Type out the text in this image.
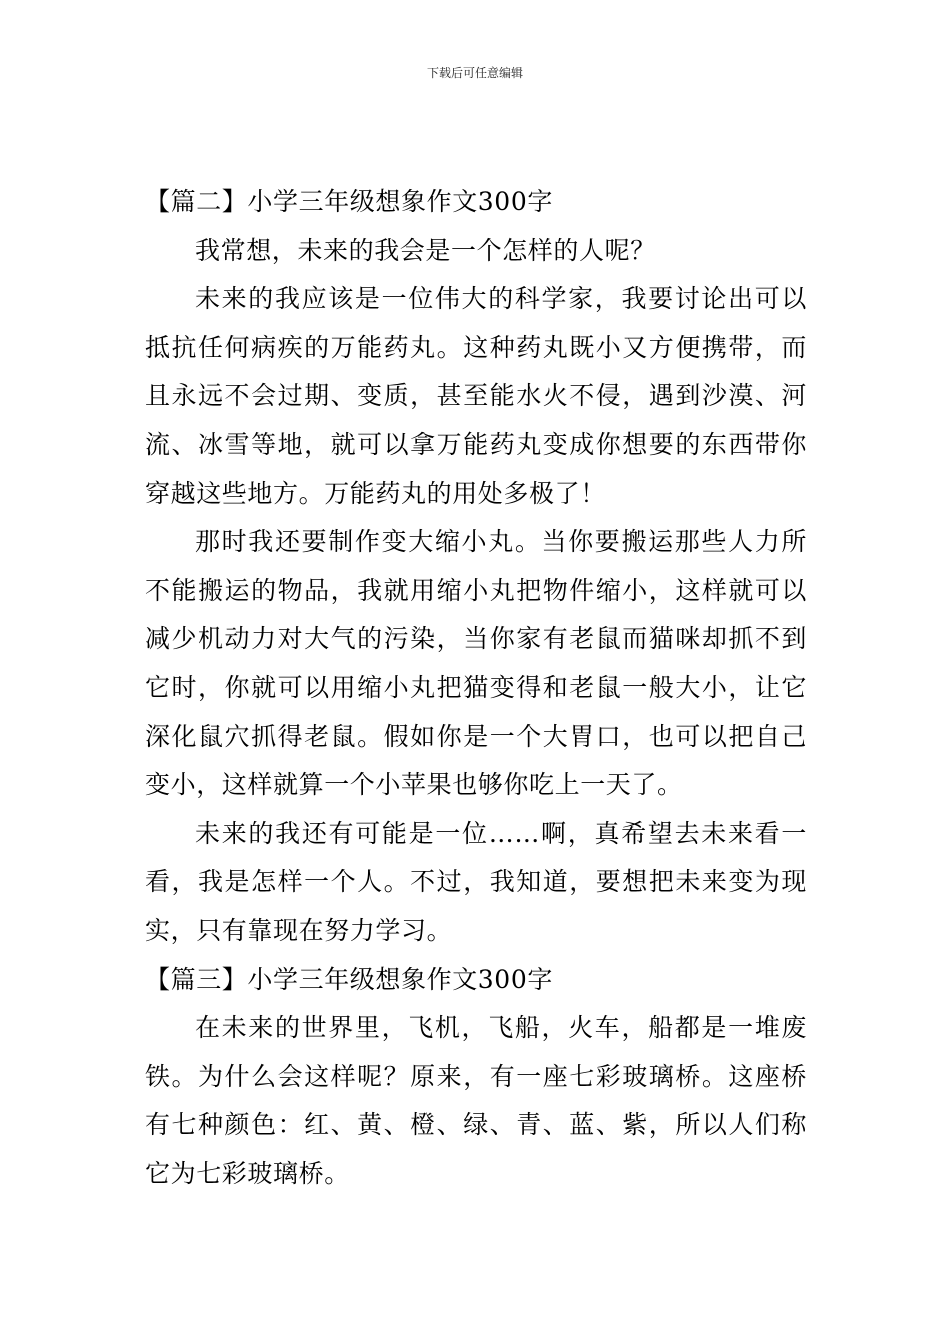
下载后可任意编辑

【篇二】小学三年级想象作文300字

我常想，未来的我会是一个怎样的人呢？

未来的我应该是一位伟大的科学家，我要讨论出可以抵抗任何病疾的万能药丸。这种药丸既小又方便携带，而且永远不会过期、变质，甚至能水火不侵，遇到沙漠、河流、冰雪等地，就可以拿万能药丸变成你想要的东西带你穿越这些地方。万能药丸的用处多极了！

那时我还要制作变大缩小丸。当你要搬运那些人力所不能搬运的物品，我就用缩小丸把物件缩小，这样就可以减少机动力对大气的污染，当你家有老鼠而猫咪却抓不到它时，你就可以用缩小丸把猫变得和老鼠一般大小，让它深化鼠穴抓得老鼠。假如你是一个大胃口，也可以把自己变小，这样就算一个小苹果也够你吃上一天了。

未来的我还有可能是一位……啊，真希望去未来看一看，我是怎样一个人。不过，我知道，要想把未来变为现实，只有靠现在努力学习。

【篇三】小学三年级想象作文300字

在未来的世界里，飞机，飞船，火车，船都是一堆废铁。为什么会这样呢？原来，有一座七彩玻璃桥。这座桥有七种颜色：红、黄、橙、绿、青、蓝、紫，所以人们称它为七彩玻璃桥。
